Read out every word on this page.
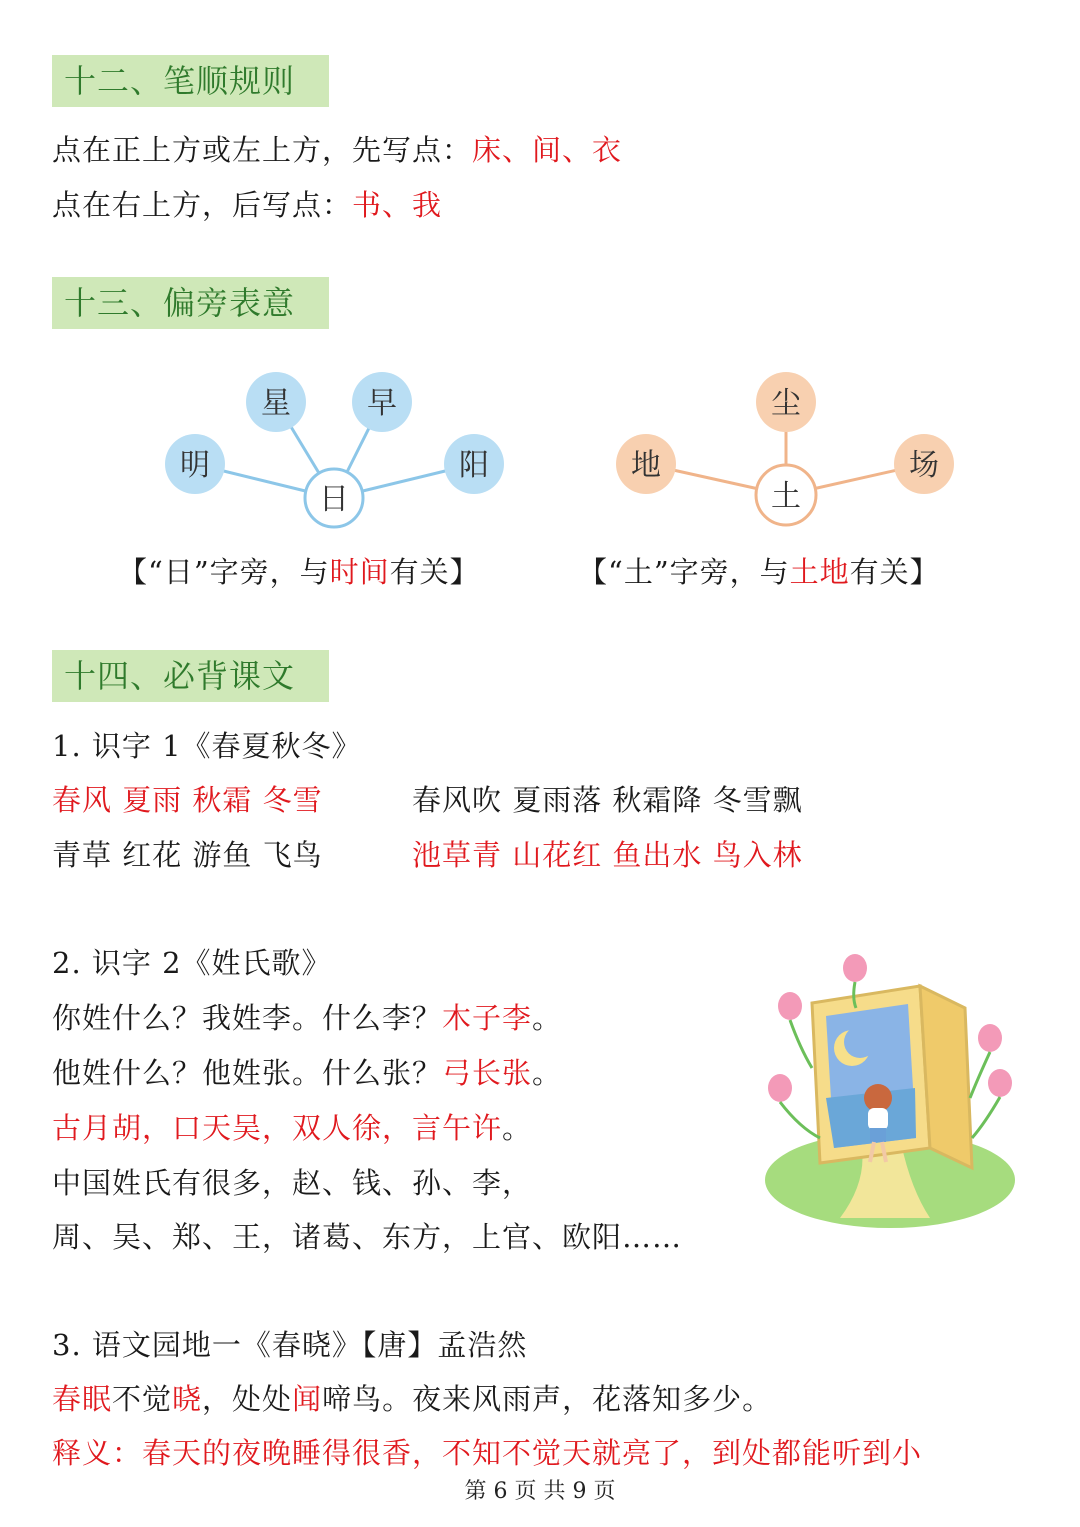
十二、笔顺规则
点在正上方或左上方，先写点：床、间、衣
点在右上方，后写点：书、我
十三、偏旁表意
明
星	早
阳
日
地
尘
场
土
【“日”字旁，与时间有关】	【“土”字旁，与土地有关】
十四、必背课文
1. 识字 1《春夏秋冬》
春风 夏雨 秋霜 冬雪	春风吹 夏雨落 秋霜降 冬雪飘
青草 红花 游鱼 飞鸟	池草青 山花红 鱼出水 鸟入林
2. 识字 2《姓氏歌》
你姓什么？我姓李。什么李？木子李。
他姓什么？他姓张。什么张？弓长张。
古月胡，口天吴，双人徐，言午许。
中国姓氏有很多，赵、钱、孙、李，
周、吴、郑、王，诸葛、东方，上官、欧阳……
3. 语文园地一《春晓》【唐】孟浩然
春眠不觉晓，处处闻啼鸟。夜来风雨声，花落知多少。
释义：春天的夜晚睡得很香，不知不觉天就亮了，到处都能听到小
第 6 页 共 9 页
